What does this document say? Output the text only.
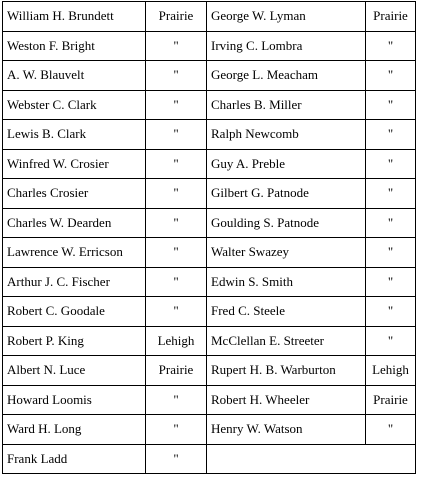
William H. Brundett	Prairie	George W. Lyman	Prairie
Weston F. Bright	"	Irving C. Lombra	"
A. W. Blauvelt	"	George L. Meacham	"
Webster C. Clark	"	Charles B. Miller	"
Lewis B. Clark	"	Ralph Newcomb	"
Winfred W. Crosier	"	Guy A. Preble	"
Charles Crosier	"	Gilbert G. Patnode	"
Charles W. Dearden	"	Goulding S. Patnode	"
Lawrence W. Erricson	"	Walter Swazey	"
Arthur J. C. Fischer	"	Edwin S. Smith	"
Robert C. Goodale	"	Fred C. Steele	"
Robert P. King	Lehigh	McClellan E. Streeter	"
Albert N. Luce	Prairie	Rupert H. B. Warburton	Lehigh
Howard Loomis	"	Robert H. Wheeler	Prairie
Ward H. Long	"	Henry W. Watson	"
Frank Ladd	"		
